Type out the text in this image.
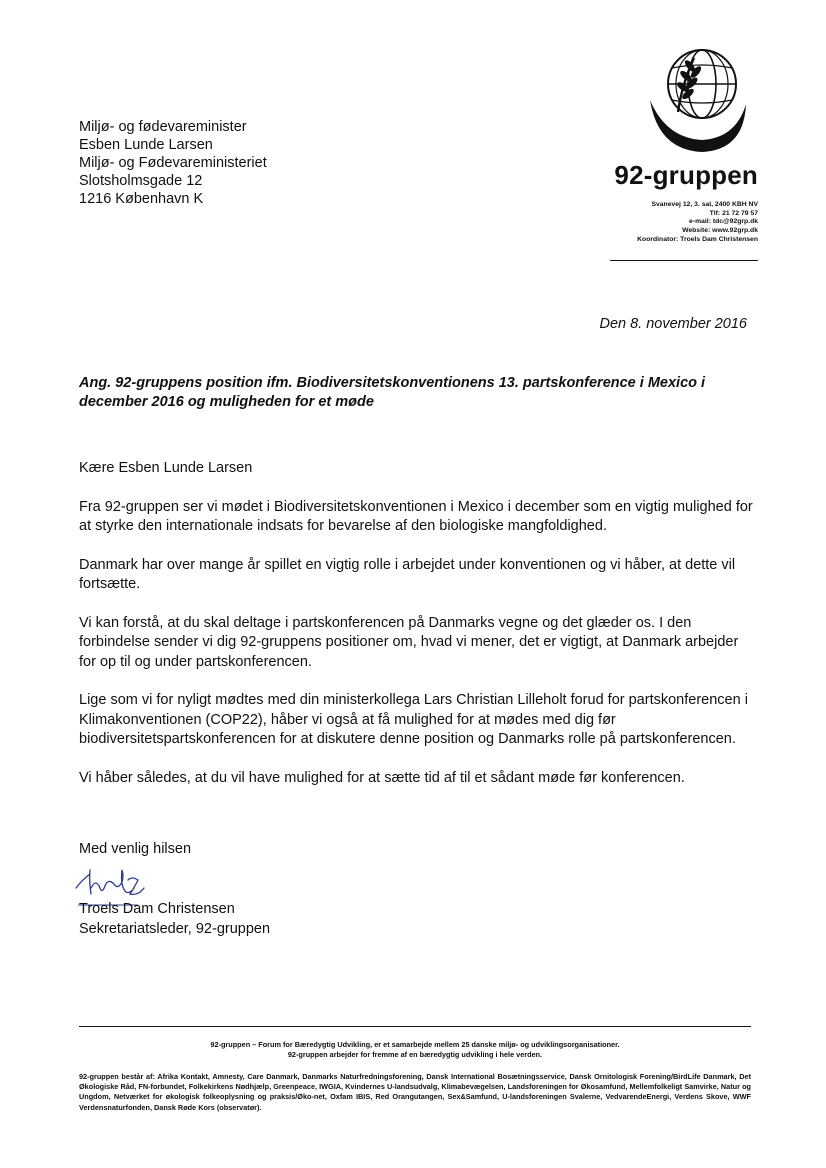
Miljø- og fødevareminister
Esben Lunde Larsen
Miljø- og Fødevareministeriet
Slotsholmsgade 12
1216 København K
92-gruppen
Svanevej 12, 3. sal, 2400 KBH NV
Tlf: 21 72 79 57
e-mail: tdc@92grp.dk
Website: www.92grp.dk
Koordinator: Troels Dam Christensen
Den 8. november 2016
Ang. 92-gruppens position ifm. Biodiversitetskonventionens 13. partskonference i Mexico i december 2016 og muligheden for et møde

Kære Esben Lunde Larsen

Fra 92-gruppen ser vi mødet i Biodiversitetskonventionen i Mexico i december som en vigtig mulighed for at styrke den internationale indsats for bevarelse af den biologiske mangfoldighed.

Danmark har over mange år spillet en vigtig rolle i arbejdet under konventionen og vi håber, at dette vil fortsætte.

Vi kan forstå, at du skal deltage i partskonferencen på Danmarks vegne og det glæder os. I den forbindelse sender vi dig 92-gruppens positioner om, hvad vi mener, det er vigtigt, at Danmark arbejder for op til og under partskonferencen.

Lige som vi for nyligt mødtes med din ministerkollega Lars Christian Lilleholt forud for partskonferencen i Klimakonventionen (COP22), håber vi også at få mulighed for at mødes med dig før biodiversitetspartskonferencen for at diskutere denne position og Danmarks rolle på partskonferencen.

Vi håber således, at du vil have mulighed for at sætte tid af til et sådant møde før konferencen.

Med venlig hilsen
Troels Dam Christensen
Sekretariatsleder, 92-gruppen
92-gruppen – Forum for Bæredygtig Udvikling, er et samarbejde mellem 25 danske miljø- og udviklingsorganisationer.
92-gruppen arbejder for fremme af en bæredygtig udvikling i hele verden.
92-gruppen består af: Afrika Kontakt, Amnesty, Care Danmark, Danmarks Naturfredningsforening, Dansk International Bosætningsservice, Dansk Ornitologisk Forening/BirdLife Danmark, Det Økologiske Råd, FN-forbundet, Folkekirkens Nødhjælp, Greenpeace, IWGIA, Kvindernes U-landsudvalg, Klimabevægelsen, Landsforeningen for Økosamfund, Mellemfolkeligt Samvirke, Natur og Ungdom, Netværket for økologisk folkeoplysning og praksis/Øko-net, Oxfam IBIS, Red Orangutangen, Sex&Samfund, U-landsforeningen Svalerne, VedvarendeEnergi, Verdens Skove, WWF Verdensnaturfonden, Dansk Røde Kors (observatør).
